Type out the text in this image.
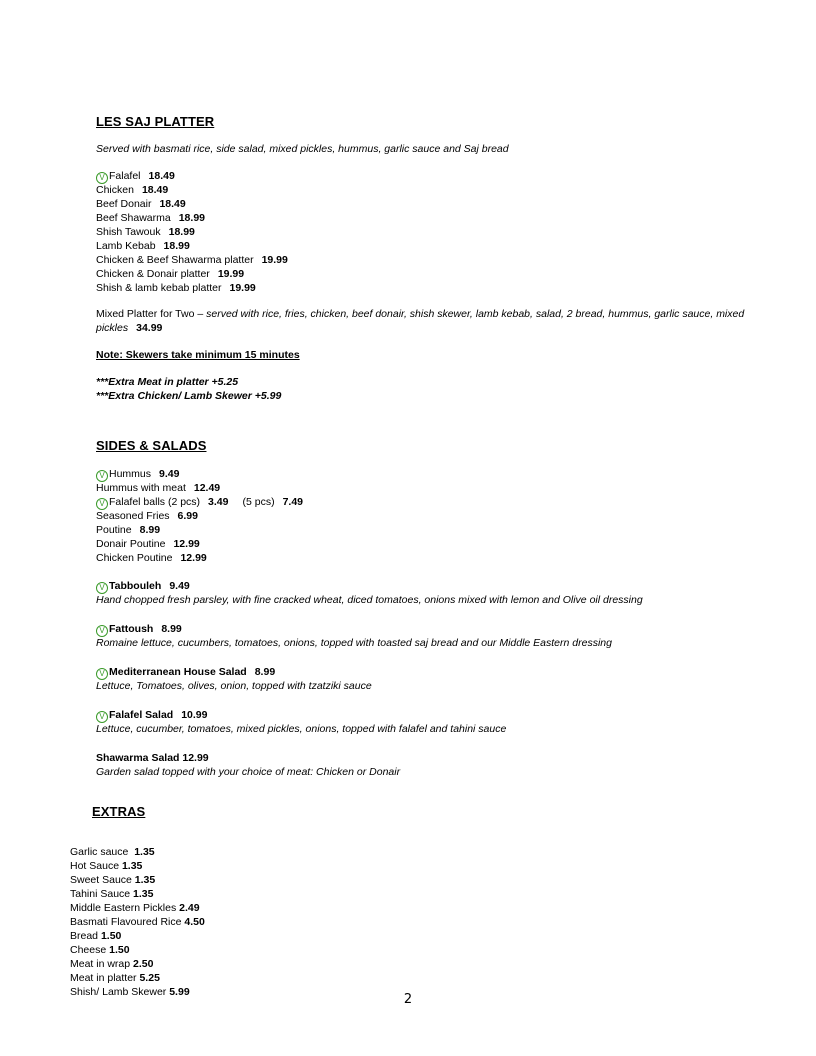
LES SAJ PLATTER

Served with basmati rice, side salad, mixed pickles, hummus, garlic sauce and Saj bread
V Falafel 18.49
Chicken 18.49
Beef Donair 18.49
Beef Shawarma 18.99
Shish Tawouk 18.99
Lamb Kebab 18.99
Chicken & Beef Shawarma platter 19.99
Chicken & Donair platter 19.99
Shish & lamb kebab platter 19.99
Mixed Platter for Two – served with rice, fries, chicken, beef donair, shish skewer, lamb kebab, salad, 2 bread, hummus, garlic sauce, mixed
pickles 34.99
Note: Skewers take minimum 15 minutes
***Extra Meat in platter +5.25
***Extra Chicken/ Lamb Skewer +5.99

SIDES & SALADS

V Hummus 9.49
Hummus with meat 12.49
V Falafel balls (2 pcs) 3.49 (5 pcs) 7.49
Seasoned Fries 6.99
Poutine 8.99
Donair Poutine 12.99
Chicken Poutine 12.99
V Tabbouleh 9.49
Hand chopped fresh parsley, with fine cracked wheat, diced tomatoes, onions mixed with lemon and Olive oil dressing
V Fattoush 8.99
Romaine lettuce, cucumbers, tomatoes, onions, topped with toasted saj bread and our Middle Eastern dressing
V Mediterranean House Salad 8.99
Lettuce, Tomatoes, olives, onion, topped with tzatziki sauce
V Falafel Salad 10.99
Lettuce, cucumber, tomatoes, mixed pickles, onions, topped with falafel and tahini sauce
Shawarma Salad 12.99
Garden salad topped with your choice of meat: Chicken or Donair

EXTRAS

Garlic sauce 1.35
Hot Sauce 1.35
Sweet Sauce 1.35
Tahini Sauce 1.35
Middle Eastern Pickles 2.49
Basmati Flavoured Rice 4.50
Bread 1.50
Cheese 1.50
Meat in wrap 2.50
Meat in platter 5.25
Shish/ Lamb Skewer 5.99	2
